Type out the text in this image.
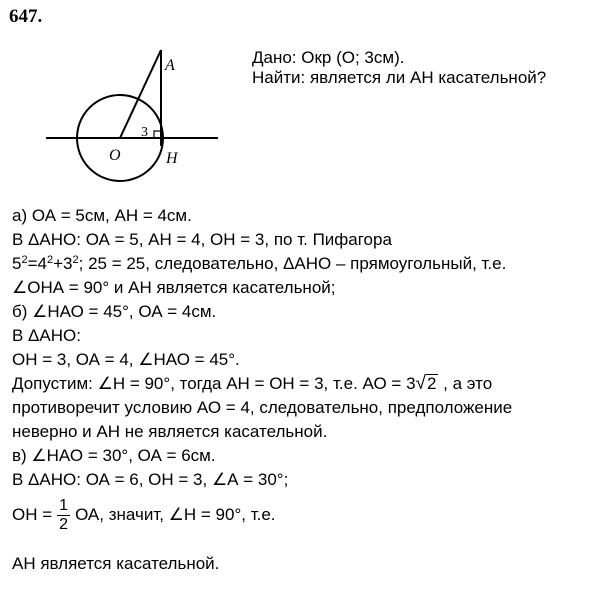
647.
A
O	H
3
Дано: Окр (О; 3см).
Найти: является ли АН касательной?
а) ОА = 5см, АН = 4см.
В ΔАНО: ОА = 5, АН = 4, ОН = 3, по т. Пифагора
$5^2=4^2+3^2$; 25 = 25, следовательно, ΔАНО – прямоугольный, т.е.
∠ОНА = 90° и АН является касательной;
б) ∠НАО = 45°, ОА = 4см.
В ΔАНО:
ОН = 3, ОА = 4, ∠НАО = 45°.
Допустим: ∠Н = 90°, тогда АН = ОН = 3, т.е. АО = 3√2 , а это
противоречит условию АО = 4, следовательно, предположение
неверно и АН не является касательной.
в) ∠НАО = 30°, ОА = 6см.
В ΔАНО: ОА = 6, ОН = 3, ∠А = 30°;
ОН = $\frac{1}{2}$ ОА, значит, ∠Н = 90°, т.е.
АН является касательной.
